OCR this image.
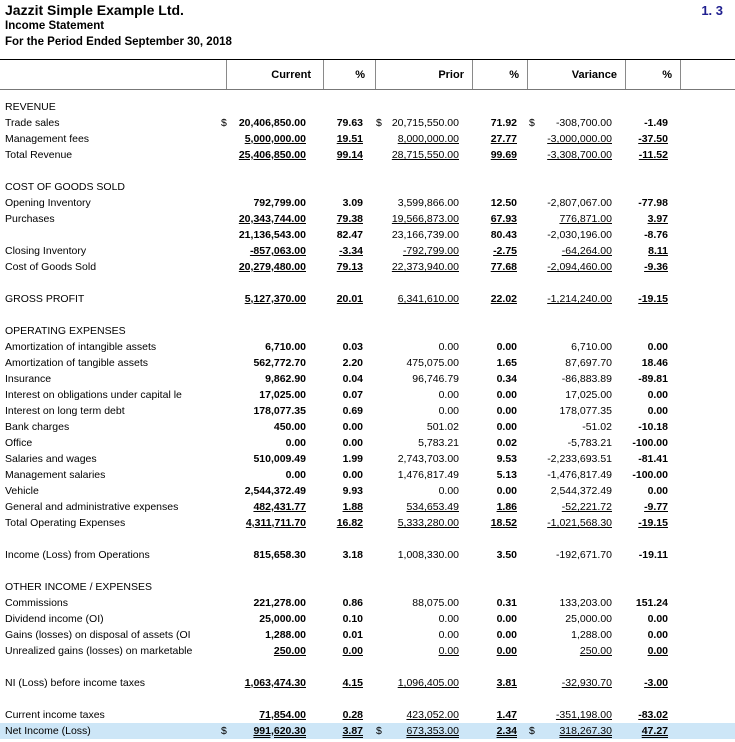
Jazzit Simple Example Ltd.
Income Statement
For the Period Ended September 30, 2018
1. 3
Current	%	Prior	%	Variance	%
REVENUE
Trade sales	20,406,850.00	79.63	20,715,550.00	71.92	-308,700.00	-1.49
$	$	$
Management fees	5,000,000.00	19.51	8,000,000.00	27.77	-3,000,000.00	-37.50
Total Revenue	25,406,850.00	99.14	28,715,550.00	99.69	-3,308,700.00	-11.52
COST OF GOODS SOLD
Opening Inventory	792,799.00	3.09	3,599,866.00	12.50	-2,807,067.00	-77.98
Purchases	20,343,744.00	79.38	19,566,873.00	67.93	776,871.00	3.97
21,136,543.00	82.47	23,166,739.00	80.43	-2,030,196.00	-8.76
Closing Inventory	-857,063.00	-3.34	-792,799.00	-2.75	-64,264.00	8.11
Cost of Goods Sold	20,279,480.00	79.13	22,373,940.00	77.68	-2,094,460.00	-9.36
GROSS PROFIT	5,127,370.00	20.01	6,341,610.00	22.02	-1,214,240.00	-19.15
OPERATING EXPENSES
Amortization of intangible assets	6,710.00	0.03	0.00	0.00	6,710.00	0.00
Amortization of tangible assets	562,772.70	2.20	475,075.00	1.65	87,697.70	18.46
Insurance	9,862.90	0.04	96,746.79	0.34	-86,883.89	-89.81
Interest on obligations under capital le	17,025.00	0.07	0.00	0.00	17,025.00	0.00
Interest on long term debt	178,077.35	0.69	0.00	0.00	178,077.35	0.00
Bank charges	450.00	0.00	501.02	0.00	-51.02	-10.18
Office	0.00	0.00	5,783.21	0.02	-5,783.21 -100.00
Salaries and wages	510,009.49	1.99	2,743,703.00	9.53	-2,233,693.51	-81.41
Management salaries	0.00	0.00	1,476,817.49	5.13	-1,476,817.49 -100.00
Vehicle	2,544,372.49	9.93	0.00	0.00	2,544,372.49	0.00
General and administrative expenses	482,431.77	1.88	534,653.49	1.86	-52,221.72	-9.77
Total Operating Expenses	4,311,711.70	16.82	5,333,280.00	18.52	-1,021,568.30	-19.15
Income (Loss) from Operations	815,658.30	3.18	1,008,330.00	3.50	-192,671.70	-19.11
OTHER INCOME / EXPENSES
Commissions	221,278.00	0.86	88,075.00	0.31	133,203.00	151.24
Dividend income (OI)	25,000.00	0.10	0.00	0.00	25,000.00	0.00
Gains (losses) on disposal of assets (OI	1,288.00	0.01	0.00	0.00	1,288.00	0.00
Unrealized gains (losses) on marketable	250.00	0.00	0.00	0.00	250.00	0.00
NI (Loss) before income taxes	1,063,474.30	4.15	1,096,405.00	3.81	-32,930.70	-3.00
Current income taxes	71,854.00	0.28	423,052.00	1.47	-351,198.00	-83.02
Net Income (Loss)	991,620.30	3.87	673,353.00	2.34	318,267.30	47.27
$	$	$
